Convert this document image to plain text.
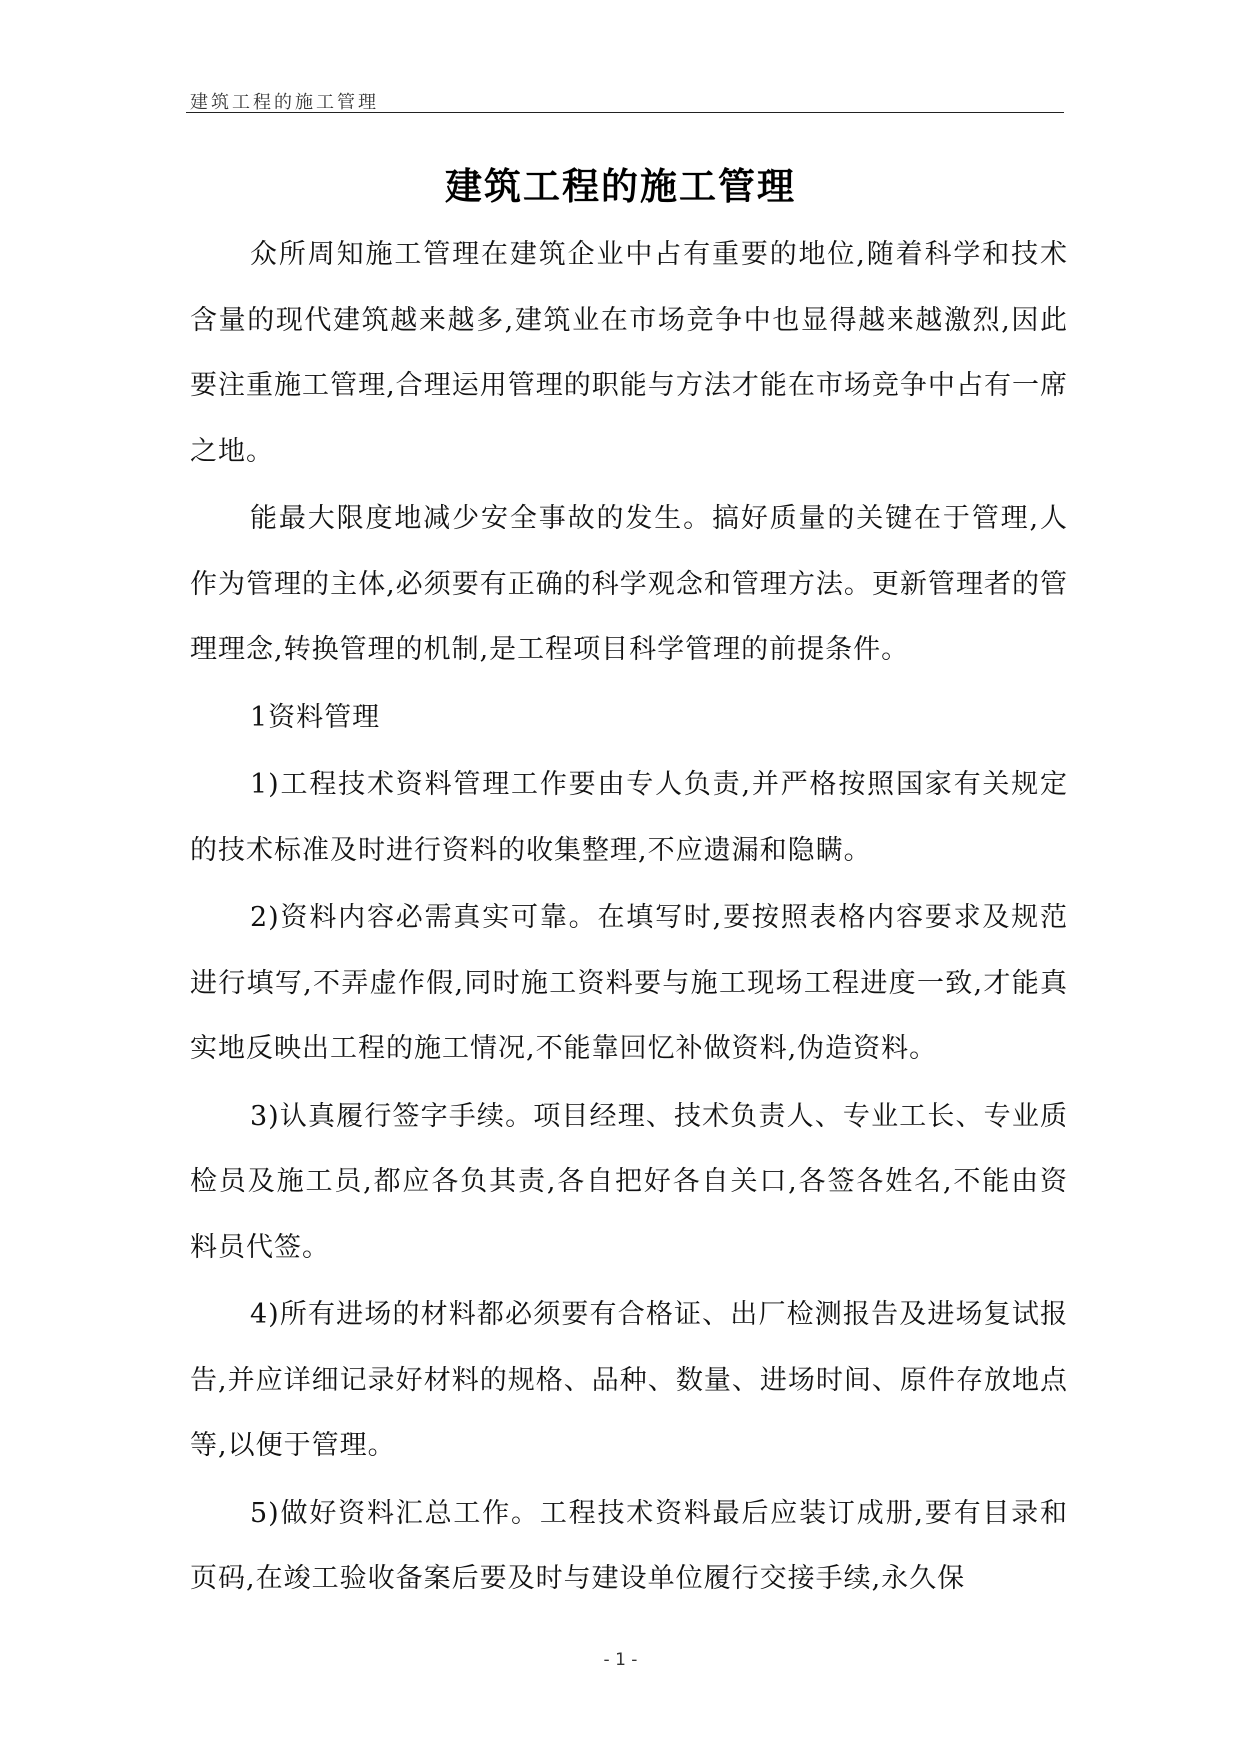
建筑工程的施工管理
建筑工程的施工管理

众所周知施工管理在建筑企业中占有重要的地位,随着科学和技术含量的现代建筑越来越多,建筑业在市场竞争中也显得越来越激烈,因此要注重施工管理,合理运用管理的职能与方法才能在市场竞争中占有一席之地。

能最大限度地减少安全事故的发生。搞好质量的关键在于管理,人作为管理的主体,必须要有正确的科学观念和管理方法。更新管理者的管理理念,转换管理的机制,是工程项目科学管理的前提条件。

1资料管理

1)工程技术资料管理工作要由专人负责,并严格按照国家有关规定的技术标准及时进行资料的收集整理,不应遗漏和隐瞒。

2)资料内容必需真实可靠。在填写时,要按照表格内容要求及规范进行填写,不弄虚作假,同时施工资料要与施工现场工程进度一致,才能真实地反映出工程的施工情况,不能靠回忆补做资料,伪造资料。

3)认真履行签字手续。项目经理、技术负责人、专业工长、专业质检员及施工员,都应各负其责,各自把好各自关口,各签各姓名,不能由资料员代签。

4)所有进场的材料都必须要有合格证、出厂检测报告及进场复试报告,并应详细记录好材料的规格、品种、数量、进场时间、原件存放地点等,以便于管理。

5)做好资料汇总工作。工程技术资料最后应装订成册,要有目录和页码,在竣工验收备案后要及时与建设单位履行交接手续,永久保

- 1 -
